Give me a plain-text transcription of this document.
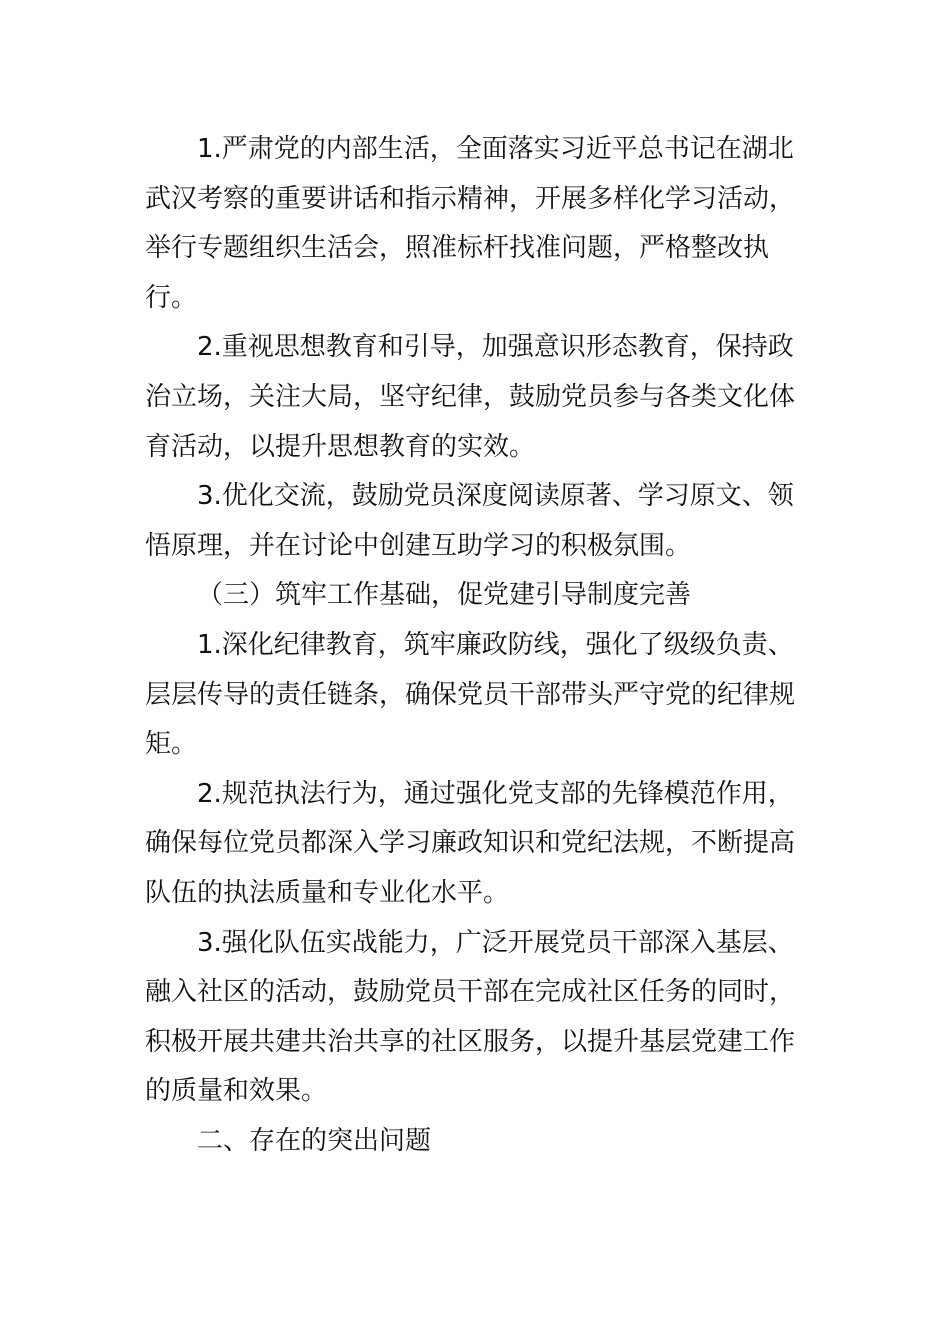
1.严肃党的内部生活，全面落实习近平总书记在湖北武汉考察的重要讲话和指示精神，开展多样化学习活动，举行专题组织生活会，照准标杆找准问题，严格整改执行。

2.重视思想教育和引导，加强意识形态教育，保持政治立场，关注大局，坚守纪律，鼓励党员参与各类文化体育活动，以提升思想教育的实效。

3.优化交流，鼓励党员深度阅读原著、学习原文、领悟原理，并在讨论中创建互助学习的积极氛围。

（三）筑牢工作基础，促党建引导制度完善

1.深化纪律教育，筑牢廉政防线，强化了级级负责、层层传导的责任链条，确保党员干部带头严守党的纪律规矩。

2.规范执法行为，通过强化党支部的先锋模范作用，确保每位党员都深入学习廉政知识和党纪法规，不断提高队伍的执法质量和专业化水平。

3.强化队伍实战能力，广泛开展党员干部深入基层、融入社区的活动，鼓励党员干部在完成社区任务的同时，积极开展共建共治共享的社区服务，以提升基层党建工作的质量和效果。

二、存在的突出问题
